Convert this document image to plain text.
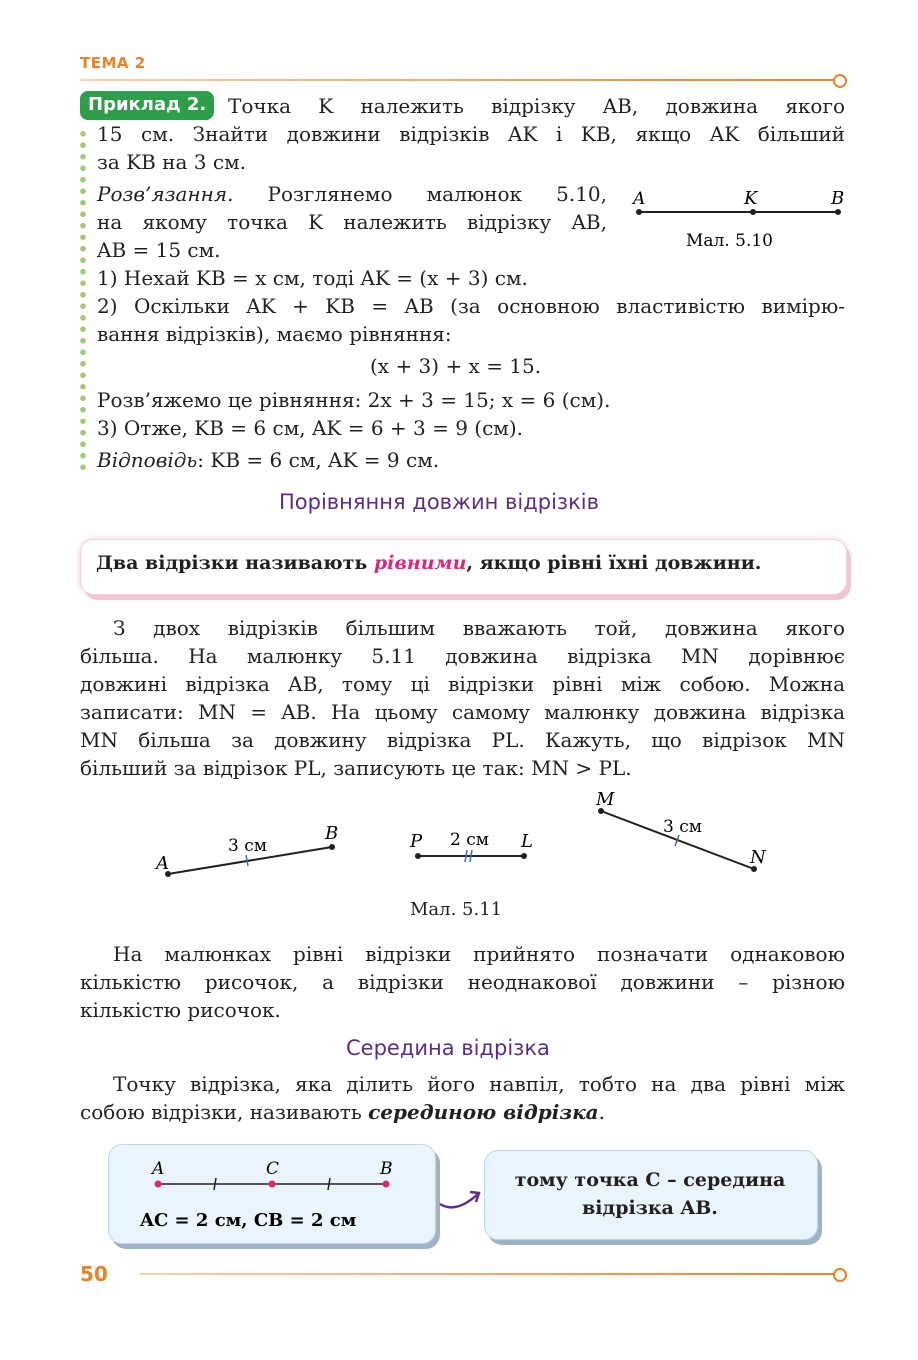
ТЕМА 2
Приклад 2.	Точка K належить відрізку AB, довжина якого
15 см. Знайти довжини відрізків AK і KB, якщо AK більший
за KB на 3 см.
Розв’язання. Розглянемо малюнок 5.10,
на якому точка K належить відрізку AB,
AB = 15 см.
A	K	B
Мал. 5.10
1) Нехай KB = x см, тоді AK = (x + 3) см.
2) Оскільки AK + KB = AB (за основною властивістю вимірю-
вання відрізків), маємо рівняння:
(x + 3) + x = 15.
Розв’яжемо це рівняння: 2x + 3 = 15; x = 6 (см).
3) Отже, KB = 6 см, AK = 6 + 3 = 9 (см).
Відповідь: KB = 6 см, AK = 9 см.
Порівняння довжин відрізків
Два відрізки називають рівними, якщо рівні їхні довжини.
З двох відрізків більшим вважають той, довжина якого
більша. На малюнку 5.11 довжина відрізка MN дорівнює
довжині відрізка AB, тому ці відрізки рівні між собою. Можна
записати: MN = AB. На цьому самому малюнку довжина відрізка
MN більша за довжину відрізка PL. Кажуть, що відрізок MN
більший за відрізок PL, записують це так: MN > PL.
A
B
3 см	P	L
2 см
M
N
3 см
Мал. 5.11
На малюнках рівні відрізки прийнято позначати однаковою
кількістю рисочок, а відрізки неоднакової довжини – різною
кількістю рисочок.
Середина відрізка
Точку відрізка, яка ділить його навпіл, тобто на два рівні між
собою відрізки, називають серединою відрізка.
A	C	B
AC = 2 см, CB = 2 см
тому точка C – середина
відрізка AB.
50
